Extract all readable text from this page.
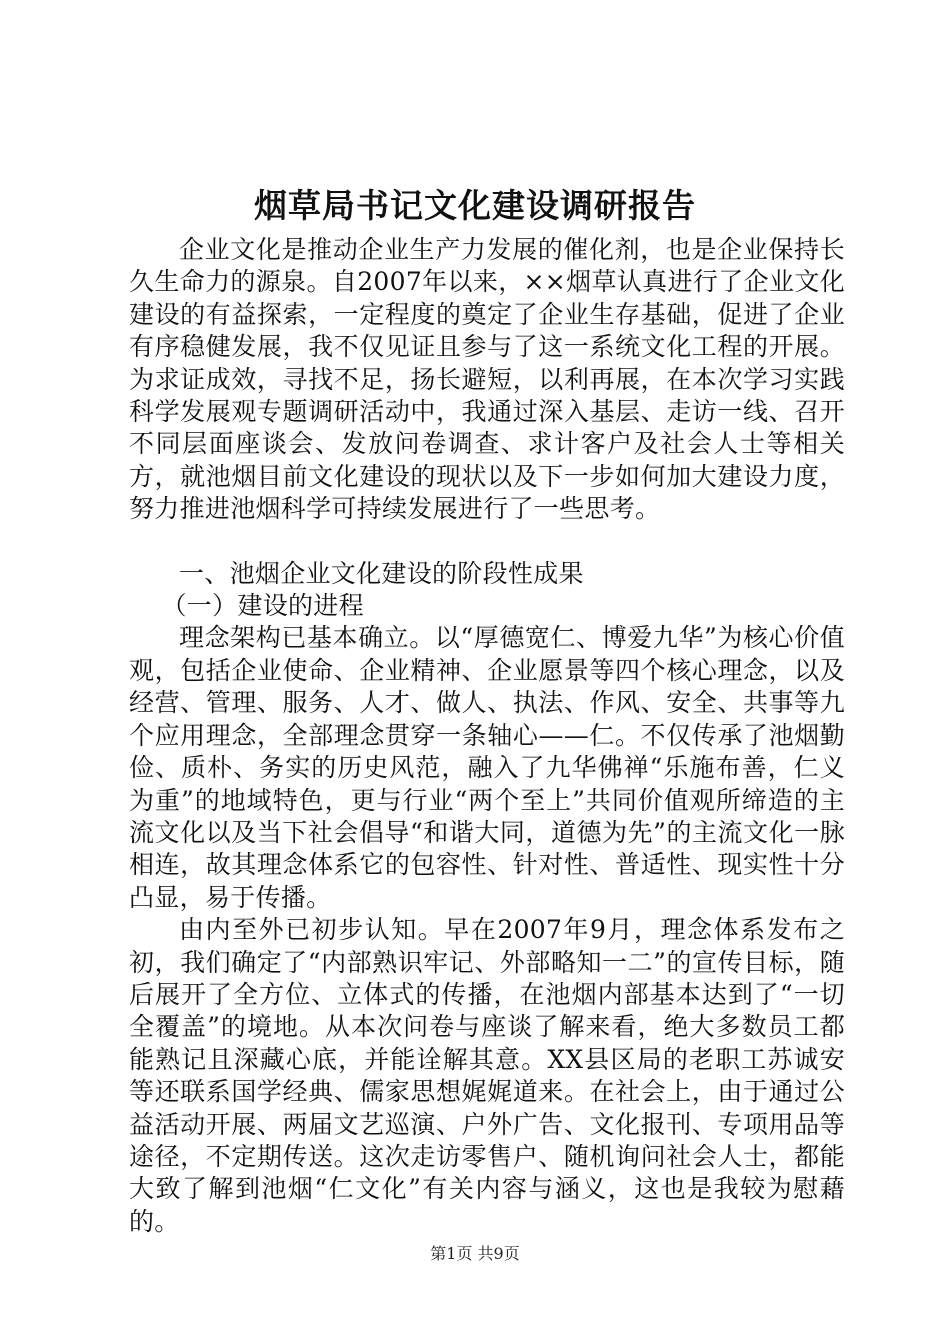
烟草局书记文化建设调研报告

企业文化是推动企业生产力发展的催化剂，也是企业保持长久生命力的源泉。自2007年以来，××烟草认真进行了企业文化建设的有益探索，一定程度的奠定了企业生存基础，促进了企业有序稳健发展，我不仅见证且参与了这一系统文化工程的开展。为求证成效，寻找不足，扬长避短，以利再展，在本次学习实践科学发展观专题调研活动中，我通过深入基层、走访一线、召开不同层面座谈会、发放问卷调查、求计客户及社会人士等相关方，就池烟目前文化建设的现状以及下一步如何加大建设力度，努力推进池烟科学可持续发展进行了一些思考。

一、池烟企业文化建设的阶段性成果

（一）建设的进程

理念架构已基本确立。以“厚德宽仁、博爱九华”为核心价值观，包括企业使命、企业精神、企业愿景等四个核心理念，以及经营、管理、服务、人才、做人、执法、作风、安全、共事等九个应用理念，全部理念贯穿一条轴心——仁。不仅传承了池烟勤俭、质朴、务实的历史风范，融入了九华佛禅“乐施布善，仁义为重”的地域特色，更与行业“两个至上”共同价值观所缔造的主流文化以及当下社会倡导“和谐大同，道德为先”的主流文化一脉相连，故其理念体系它的包容性、针对性、普适性、现实性十分凸显，易于传播。

由内至外已初步认知。早在2007年9月，理念体系发布之初，我们确定了“内部熟识牢记、外部略知一二”的宣传目标，随后展开了全方位、立体式的传播，在池烟内部基本达到了“一切全覆盖”的境地。从本次问卷与座谈了解来看，绝大多数员工都能熟记且深藏心底，并能诠解其意。XX县区局的老职工苏诚安等还联系国学经典、儒家思想娓娓道来。在社会上，由于通过公益活动开展、两届文艺巡演、户外广告、文化报刊、专项用品等途径，不定期传送。这次走访零售户、随机询问社会人士，都能大致了解到池烟“仁文化”有关内容与涵义，这也是我较为慰藉的。

第1页 共9页
